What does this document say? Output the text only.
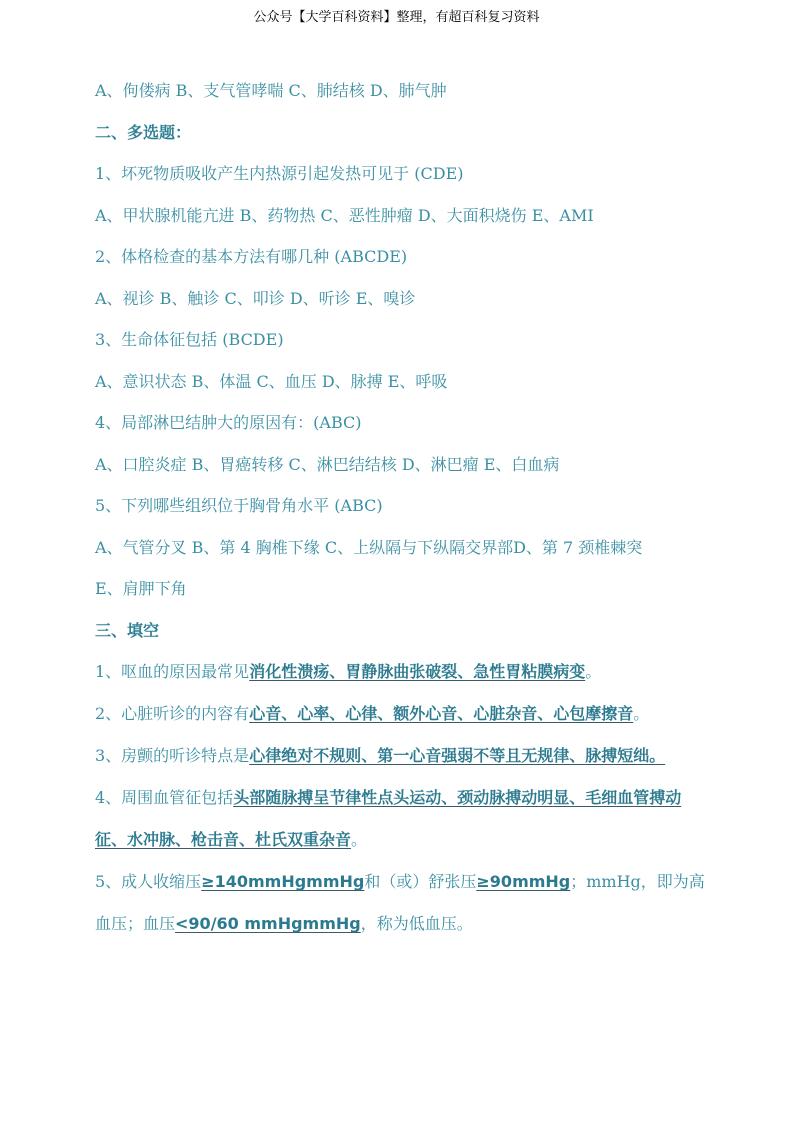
公众号【大学百科资料】整理，有超百科复习资料
A、佝偻病 B、支气管哮喘 C、肺结核 D、肺气肿
二、多选题：
1、坏死物质吸收产生内热源引起发热可见于 (CDE)
A、甲状腺机能亢进 B、药物热 C、恶性肿瘤 D、大面积烧伤 E、AMI
2、体格检查的基本方法有哪几种 (ABCDE)
A、视诊 B、触诊 C、叩诊 D、听诊 E、嗅诊
3、生命体征包括 (BCDE)
A、意识状态 B、体温 C、血压 D、脉搏 E、呼吸
4、局部淋巴结肿大的原因有：(ABC)
A、口腔炎症 B、胃癌转移 C、淋巴结结核 D、淋巴瘤 E、白血病
5、下列哪些组织位于胸骨角水平 (ABC)
A、气管分叉 B、第 4 胸椎下缘 C、上纵隔与下纵隔交界部D、第 7 颈椎棘突
E、肩胛下角
三、填空
1、呕血的原因最常见消化性溃疡、胃静脉曲张破裂、急性胃粘膜病变。
2、心脏听诊的内容有心音、心率、心律、额外心音、心脏杂音、心包摩擦音。
3、房颤的听诊特点是心律绝对不规则、第一心音强弱不等且无规律、脉搏短绌。
4、周围血管征包括头部随脉搏呈节律性点头运动、颈动脉搏动明显、毛细血管搏动征、水冲脉、枪击音、杜氏双重杂音。
5、成人收缩压≥140mmHgmmHg和（或）舒张压≥90mmHg；mmHg，即为高血压；血压<90/60 mmHgmmHg，称为低血压。
